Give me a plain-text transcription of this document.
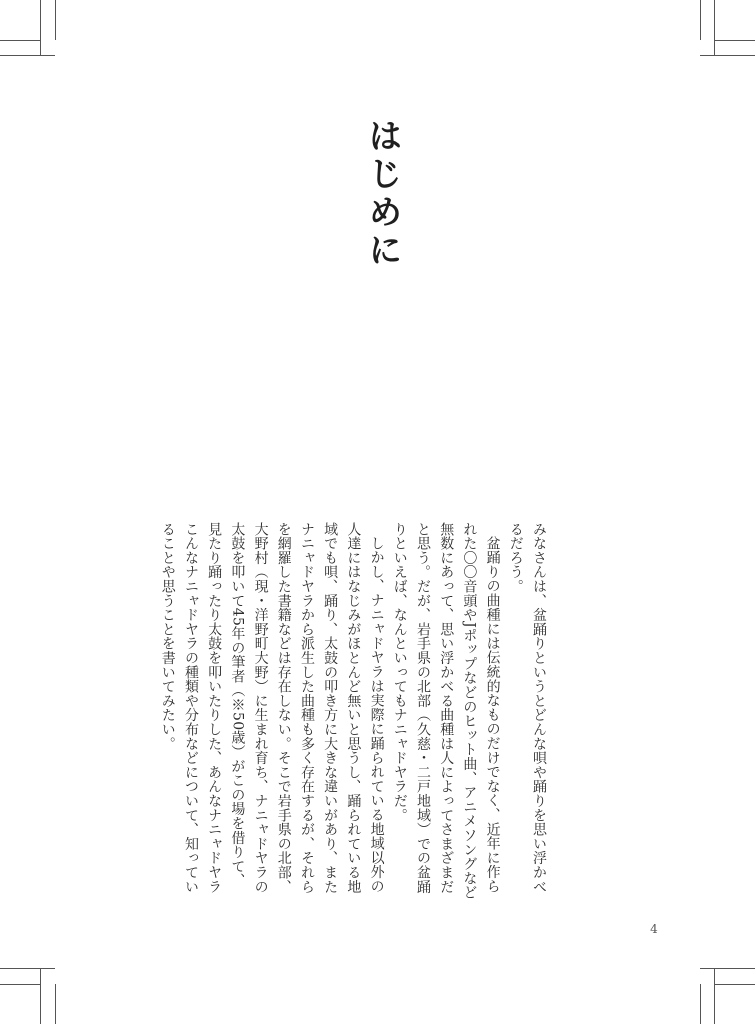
はじめに

みなさんは、盆踊りというとどんな唄や踊りを思い浮かべるだろう。

盆踊りの曲種には伝統的なものだけでなく、近年に作られた〇〇音頭やJポップなどのヒット曲、アニメソングなど無数にあって、思い浮かべる曲種は人によってさまざまだと思う。だが、岩手県の北部（久慈・二戸地域）での盆踊りといえば、なんといってもナニャドヤラだ。

しかし、ナニャドヤラは実際に踊られている地域以外の人達にはなじみがほとんど無いと思うし、踊られている地域でも唄、踊り、太鼓の叩き方に大きな違いがあり、またナニャドヤラから派生した曲種も多く存在するが、それらを網羅した書籍などは存在しない。そこで岩手県の北部、大野村（現・洋野町大野）に生まれ育ち、ナニャドヤラの太鼓を叩いて45年の筆者（※50歳）がこの場を借りて、見たり踊ったり太鼓を叩いたりした、あんなナニャドヤラこんなナニャドヤラの種類や分布などについて、知っていることや思うことを書いてみたい。

4
